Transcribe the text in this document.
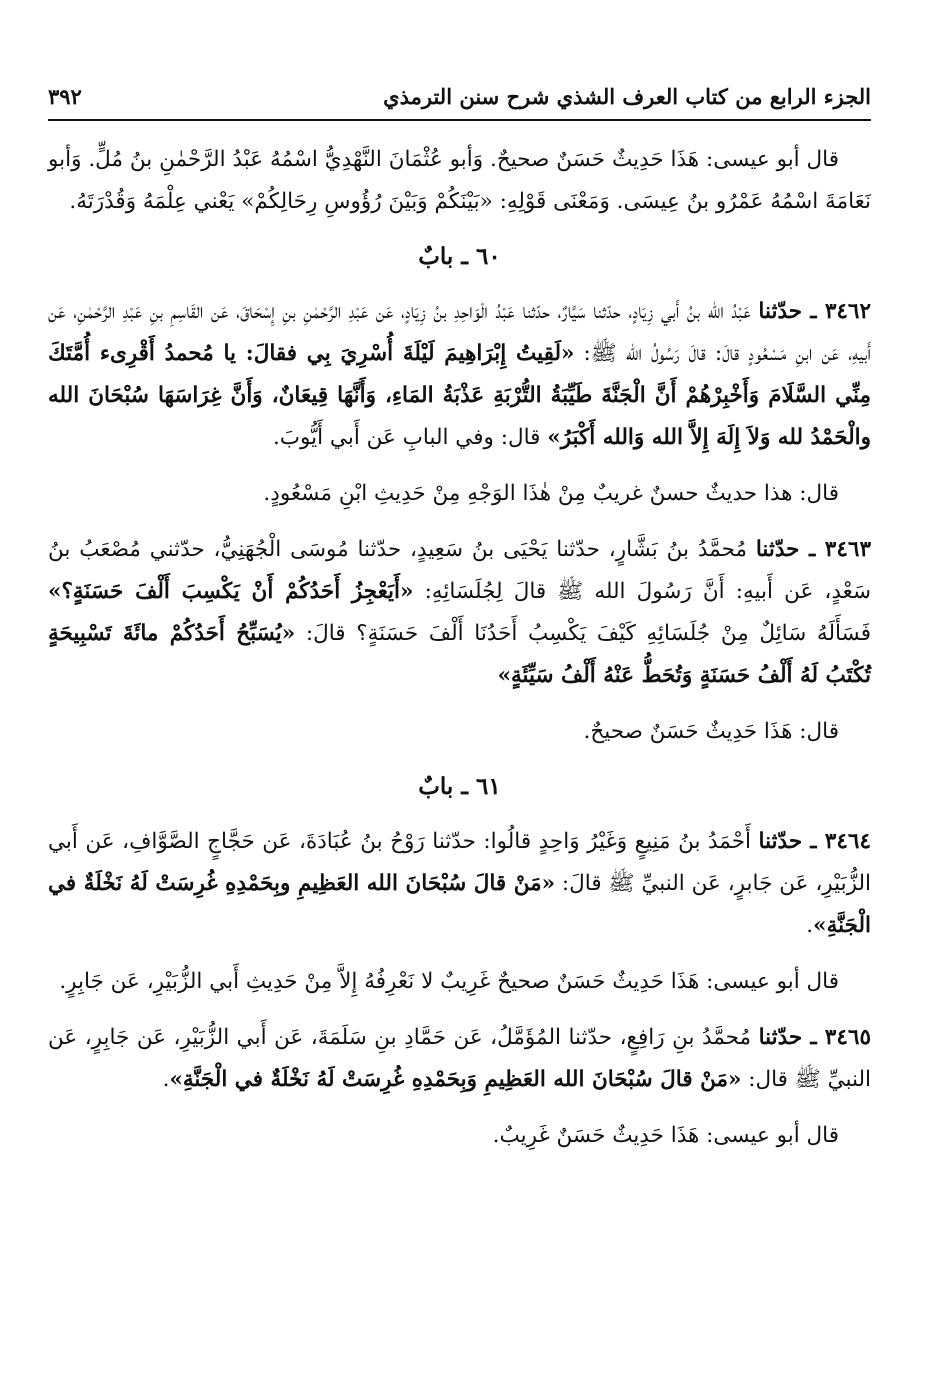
الجزء الرابع من كتاب العرف الشذي شرح سنن الترمذي
٣٩٢

قال أبو عيسى: هَذَا حَدِيثٌ حَسَنٌ صحيحٌ. وَأبو عُثْمَانَ النَّهْدِيُّ اسْمُهُ عَبْدُ الرَّحْمٰنِ بنُ مُلٍّ. وَأبو نَعَامَةَ اسْمُهُ عَمْرُو بنُ عِيسَى. وَمَعْنَى قَوْلِهِ: «بَيْنَكُمْ وَبَيْنَ رُؤُوسِ رِحَالِكُمْ» يَعْني عِلْمَهُ وَقُدْرَتَهُ.

٦٠ ـ بابٌ

٣٤٦٢ ـ حدّثنا عَبْدُ الله بنُ أَبي زِيَادٍ، حدّثنا سَيَّارٌ، حدّثنا عَبْدُ الْوَاحِدِ بنُ زِيَادٍ، عَن عَبْدِ الرَّحْمٰنِ بنِ إِسْحَاقَ، عَن القَاسِمِ بنِ عَبْدِ الرَّحْمٰنِ، عَن أَبيهِ، عَن ابنِ مَسْعُودٍ قالَ: قالَ رَسُولُ الله ﷺ: «لَقِيتُ إِبْرَاهِيمَ لَيْلَةَ أُسْرِيَ بِي فقالَ: يا مُحمدُ أَقْرِىء أُمَّتَكَ مِنِّي السَّلَامَ وَأَخْبِرْهُمْ أَنَّ الْجَنَّةَ طَيِّبَةُ التُّرْبَةِ عَذْبَةُ المَاءِ، وَأَنَّهَا قِيعَانٌ، وَأَنَّ غِرَاسَهَا سُبْحَانَ الله والْحَمْدُ لله وَلاَ إِلَهَ إِلاَّ الله وَالله أَكْبَرُ» قال: وفي البابِ عَن أَبي أَيُّوبَ.

قال: هذا حديثٌ حسنٌ غريبٌ مِنْ هٰذَا الوَجْهِ مِنْ حَدِيثِ ابْنِ مَسْعُودٍ.

٣٤٦٣ ـ حدّثنا مُحمَّدُ بنُ بَشَّارٍ، حدّثنا يَحْيَى بنُ سَعِيدٍ، حدّثنا مُوسَى الْجُهَنِيُّ، حدّثني مُصْعَبُ بنُ سَعْدٍ، عَن أَبيهِ: أَنَّ رَسُولَ الله ﷺ قالَ لِجُلَسَائِهِ: «أَيَعْجِزُ أَحَدُكُمْ أَنْ يَكْسِبَ أَلْفَ حَسَنَةٍ؟» فَسَأَلَهُ سَائِلٌ مِنْ جُلَسَائِهِ كَيْفَ يَكْسِبُ أَحَدُنَا أَلْفَ حَسَنَةٍ؟ قالَ: «يُسَبِّحُ أَحَدُكُمْ مائَةَ تَسْبِيحَةٍ تُكْتَبُ لَهُ أَلْفُ حَسَنَةٍ وَتُحَطُّ عَنْهُ أَلْفُ سَيِّئَةٍ»

قال: هَذَا حَدِيثٌ حَسَنٌ صحيحٌ.

٦١ ـ بابٌ

٣٤٦٤ ـ حدّثنا أَحْمَدُ بنُ مَنِيعٍ وَغَيْرُ وَاحِدٍ قالُوا: حدّثنا رَوْحُ بنُ عُبَادَةَ، عَن حَجَّاجٍ الصَّوَّافِ، عَن أَبي الزُّبَيْرِ، عَن جَابرٍ، عَن النبيِّ ﷺ قالَ: «مَنْ قالَ سُبْحَانَ الله العَظِيمِ وبِحَمْدِهِ غُرِسَتْ لَهُ نَخْلَةٌ في الْجَنَّةِ».

قال أبو عيسى: هَذَا حَدِيثٌ حَسَنٌ صحيحٌ غَرِيبٌ لا نَعْرِفُهُ إِلاَّ مِنْ حَدِيثِ أَبي الزُّبَيْرِ، عَن جَابِرٍ.

٣٤٦٥ ـ حدّثنا مُحمَّدُ بنِ رَافِعٍ، حدّثنا المُؤَمَّلُ، عَن حَمَّادِ بنِ سَلَمَةَ، عَن أَبي الزُّبَيْرِ، عَن جَابِرٍ، عَن النبيِّ ﷺ قال: «مَنْ قالَ سُبْحَانَ الله العَظِيمِ وَبِحَمْدِهِ غُرِسَتْ لَهُ نَخْلَةٌ في الْجَنَّةِ».

قال أبو عيسى: هَذَا حَدِيثٌ حَسَنٌ غَرِيبٌ.
